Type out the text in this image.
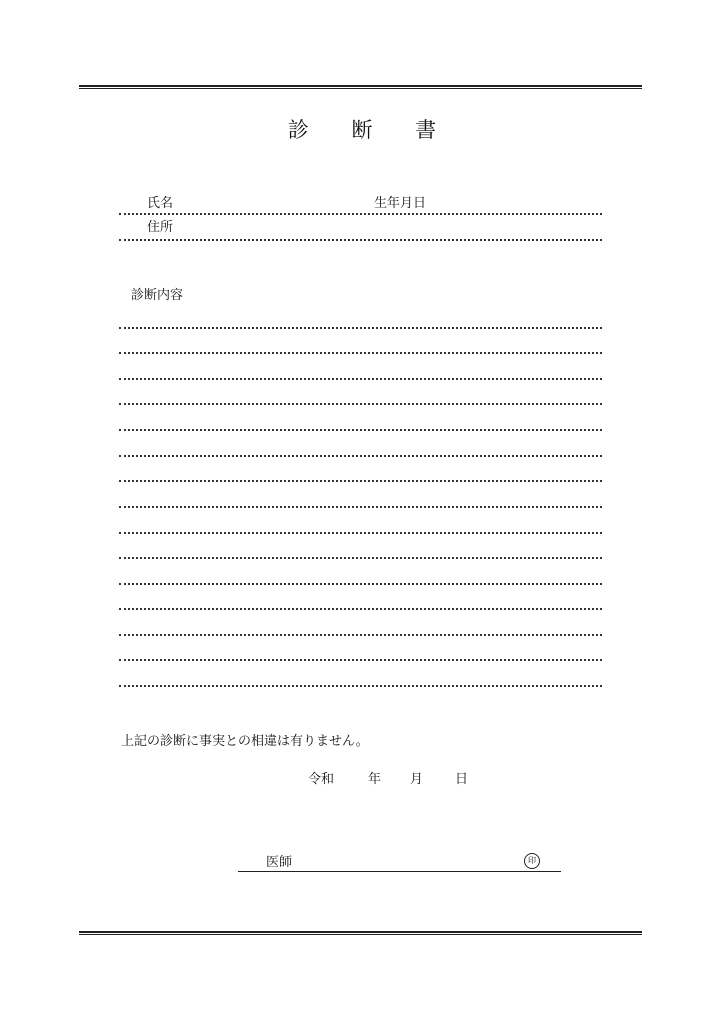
診 断 書
氏名	生年月日
住所
診断内容
上記の診断に事実との相違は有りません。
令和	年 月 日
医師	印
